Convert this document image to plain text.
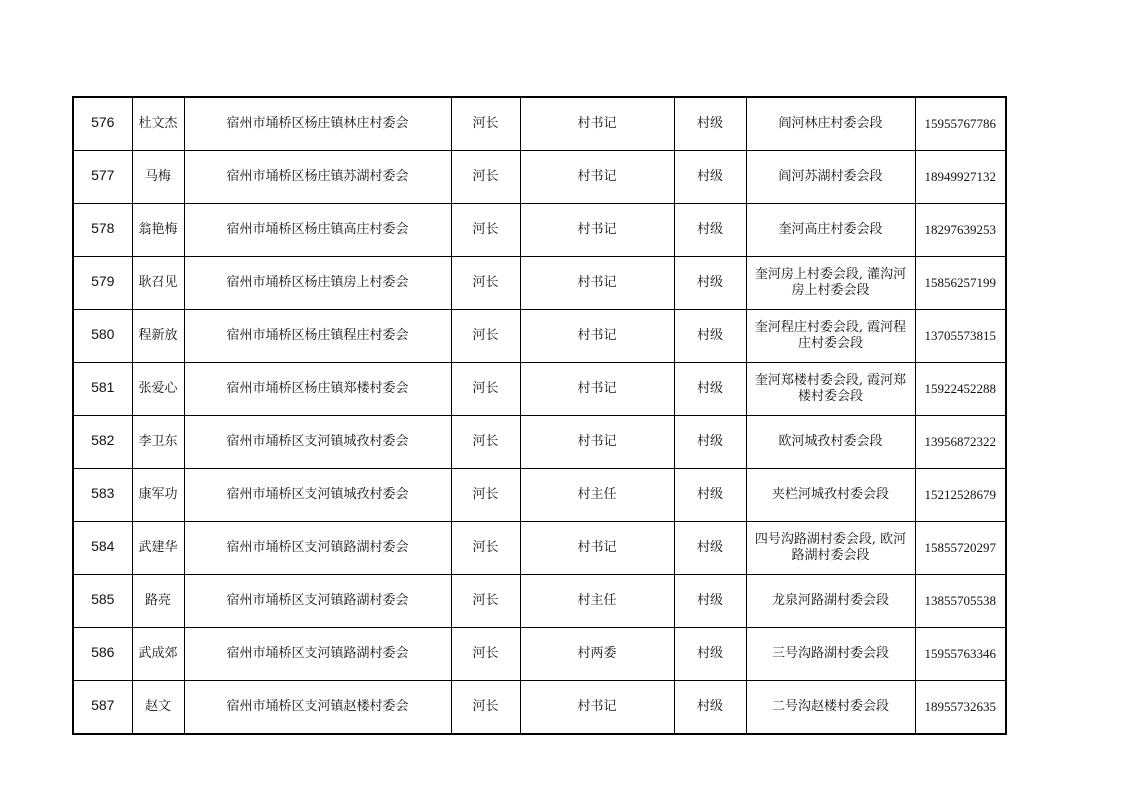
576	杜文杰	宿州市埇桥区杨庄镇林庄村委会	河长	村书记	村级	阎河林庄村委会段	15955767786
577	马梅	宿州市埇桥区杨庄镇苏湖村委会	河长	村书记	村级	阎河苏湖村委会段	18949927132
578	翁艳梅	宿州市埇桥区杨庄镇高庄村委会	河长	村书记	村级	奎河高庄村委会段	18297639253
579	耿召见	宿州市埇桥区杨庄镇房上村委会	河长	村书记	村级	奎河房上村委会段, 灌沟河房上村委会段	15856257199
580	程新放	宿州市埇桥区杨庄镇程庄村委会	河长	村书记	村级	奎河程庄村委会段, 霞河程庄村委会段	13705573815
581	张爱心	宿州市埇桥区杨庄镇郑楼村委会	河长	村书记	村级	奎河郑楼村委会段, 霞河郑楼村委会段	15922452288
582	李卫东	宿州市埇桥区支河镇城孜村委会	河长	村书记	村级	欧河城孜村委会段	13956872322
583	康军功	宿州市埇桥区支河镇城孜村委会	河长	村主任	村级	夹栏河城孜村委会段	15212528679
584	武建华	宿州市埇桥区支河镇路湖村委会	河长	村书记	村级	四号沟路湖村委会段, 欧河路湖村委会段	15855720297
585	路亮	宿州市埇桥区支河镇路湖村委会	河长	村主任	村级	龙泉河路湖村委会段	13855705538
586	武成郊	宿州市埇桥区支河镇路湖村委会	河长	村两委	村级	三号沟路湖村委会段	15955763346
587	赵文	宿州市埇桥区支河镇赵楼村委会	河长	村书记	村级	二号沟赵楼村委会段	18955732635
